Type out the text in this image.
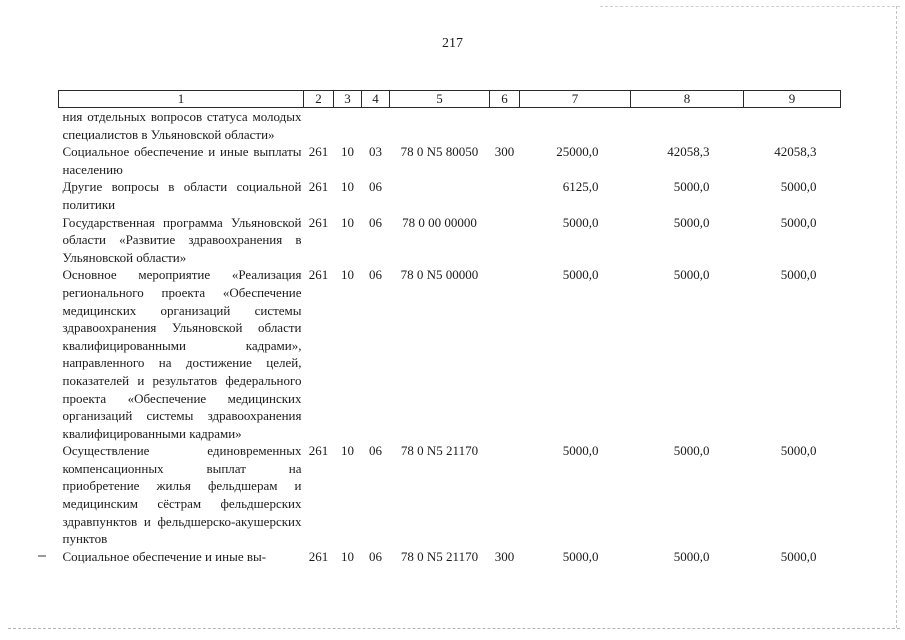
217
1	2	3	4	5	6	7	8	9
ния отдельных вопросов статуса молодых специалистов в Ульяновской области»								
Социальное обеспечение и иные выплаты населению	261	10	03	78 0 N5 80050	300	25000,0	42058,3	42058,3
Другие вопросы в области социальной политики	261	10	06			6125,0	5000,0	5000,0
Государственная программа Ульяновской области «Развитие здравоохранения в Ульяновской области»	261	10	06	78 0 00 00000		5000,0	5000,0	5000,0
Основное мероприятие «Реализация регионального проекта «Обеспечение медицинских организаций системы здравоохранения Ульяновской области квалифицированными кадрами», направленного на достижение целей, показателей и результатов федерального проекта «Обеспечение медицинских организаций системы здравоохранения квалифицированными кадрами»	261	10	06	78 0 N5 00000		5000,0	5000,0	5000,0
Осуществление единовременных компенсационных выплат на приобретение жилья фельдшерам и медицинским сёстрам фельдшерских здравпунктов и фельдшерско-акушерских пунктов	261	10	06	78 0 N5 21170		5000,0	5000,0	5000,0
Социальное обеспечение и иные вы-	261	10	06	78 0 N5 21170	300	5000,0	5000,0	5000,0
